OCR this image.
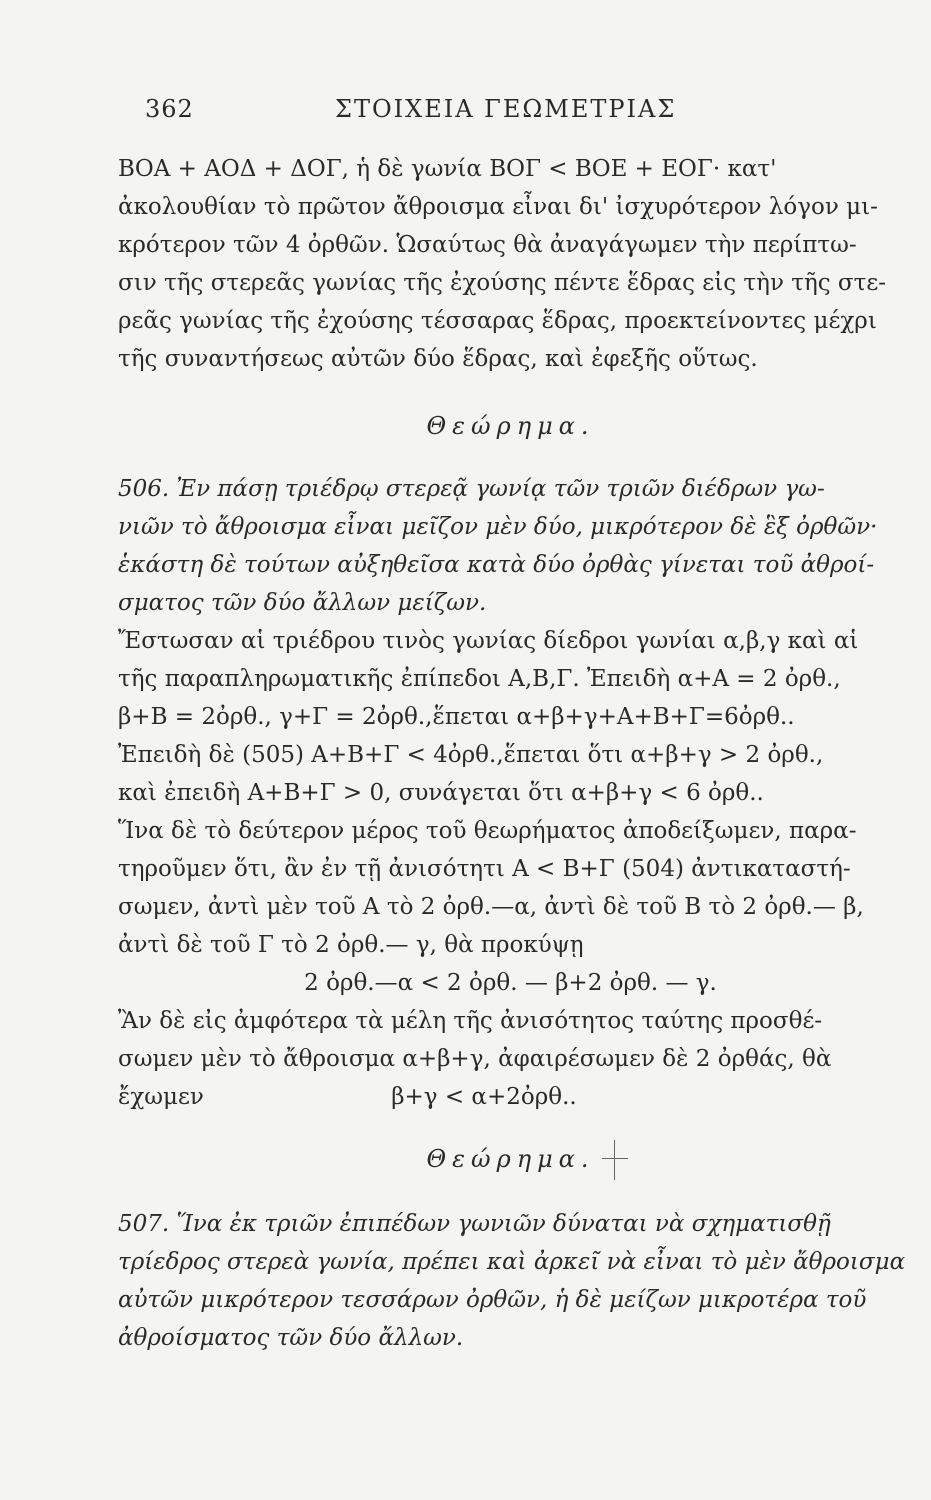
362	ΣΤΟΙΧΕΙΑ ΓΕΩΜΕΤΡΙΑΣ
ΒΟΑ + ΑΟΔ + ΔΟΓ, ἡ δὲ γωνία ΒΟΓ < ΒΟΕ + ΕΟΓ· κατ'
ἀκολουθίαν τὸ πρῶτον ἄθροισμα εἶναι δι' ἰσχυρότερον λόγον μι-
κρότερον τῶν 4 ὀρθῶν. Ὡσαύτως θὰ ἀναγάγωμεν τὴν περίπτω-
σιν τῆς στερεᾶς γωνίας τῆς ἐχούσης πέντε ἕδρας εἰς τὴν τῆς στε-
ρεᾶς γωνίας τῆς ἐχούσης τέσσαρας ἕδρας, προεκτείνοντες μέχρι
τῆς συναντήσεως αὐτῶν δύο ἕδρας, καὶ ἐφεξῆς οὕτως.
Θεώρημα.
506. Ἐν πάσῃ τριέδρῳ στερεᾷ γωνίᾳ τῶν τριῶν διέδρων γω-
νιῶν τὸ ἄθροισμα εἶναι μεῖζον μὲν δύο, μικρότερον δὲ ἓξ ὀρθῶν·
ἑκάστη δὲ τούτων αὐξηθεῖσα κατὰ δύο ὀρθὰς γίνεται τοῦ ἀθροί-
σματος τῶν δύο ἄλλων μείζων.
Ἔστωσαν αἱ τριέδρου τινὸς γωνίας δίεδροι γωνίαι α,β,γ καὶ αἱ
τῆς παραπληρωματικῆς ἐπίπεδοι Α,Β,Γ. Ἐπειδὴ α+Α = 2 ὀρθ.,
β+Β = 2ὀρθ., γ+Γ = 2ὀρθ.,ἕπεται α+β+γ+Α+Β+Γ=6ὀρθ..
Ἐπειδὴ δὲ (505) Α+Β+Γ < 4ὀρθ.,ἕπεται ὅτι α+β+γ > 2 ὀρθ.,
καὶ ἐπειδὴ Α+Β+Γ > 0, συνάγεται ὅτι α+β+γ < 6 ὀρθ..
Ἵνα δὲ τὸ δεύτερον μέρος τοῦ θεωρήματος ἀποδείξωμεν, παρα-
τηροῦμεν ὅτι, ἂν ἐν τῇ ἀνισότητι Α < Β+Γ (504) ἀντικαταστή-
σωμεν, ἀντὶ μὲν τοῦ Α τὸ 2 ὀρθ.—α, ἀντὶ δὲ τοῦ Β τὸ 2 ὀρθ.— β,
ἀντὶ δὲ τοῦ Γ τὸ 2 ὀρθ.— γ, θὰ προκύψῃ
2 ὀρθ.—α < 2 ὀρθ. — β+2 ὀρθ. — γ.
Ἂν δὲ εἰς ἀμφότερα τὰ μέλη τῆς ἀνισότητος ταύτης προσθέ-
σωμεν μὲν τὸ ἄθροισμα α+β+γ, ἀφαιρέσωμεν δὲ 2 ὀρθάς, θὰ
ἔχωμεν	β+γ < α+2ὀρθ..
Θεώρημα.
507. Ἵνα ἐκ τριῶν ἐπιπέδων γωνιῶν δύναται νὰ σχηματισθῇ
τρίεδρος στερεὰ γωνία, πρέπει καὶ ἀρκεῖ νὰ εἶναι τὸ μὲν ἄθροισμα
αὐτῶν μικρότερον τεσσάρων ὀρθῶν, ἡ δὲ μείζων μικροτέρα τοῦ
ἀθροίσματος τῶν δύο ἄλλων.
